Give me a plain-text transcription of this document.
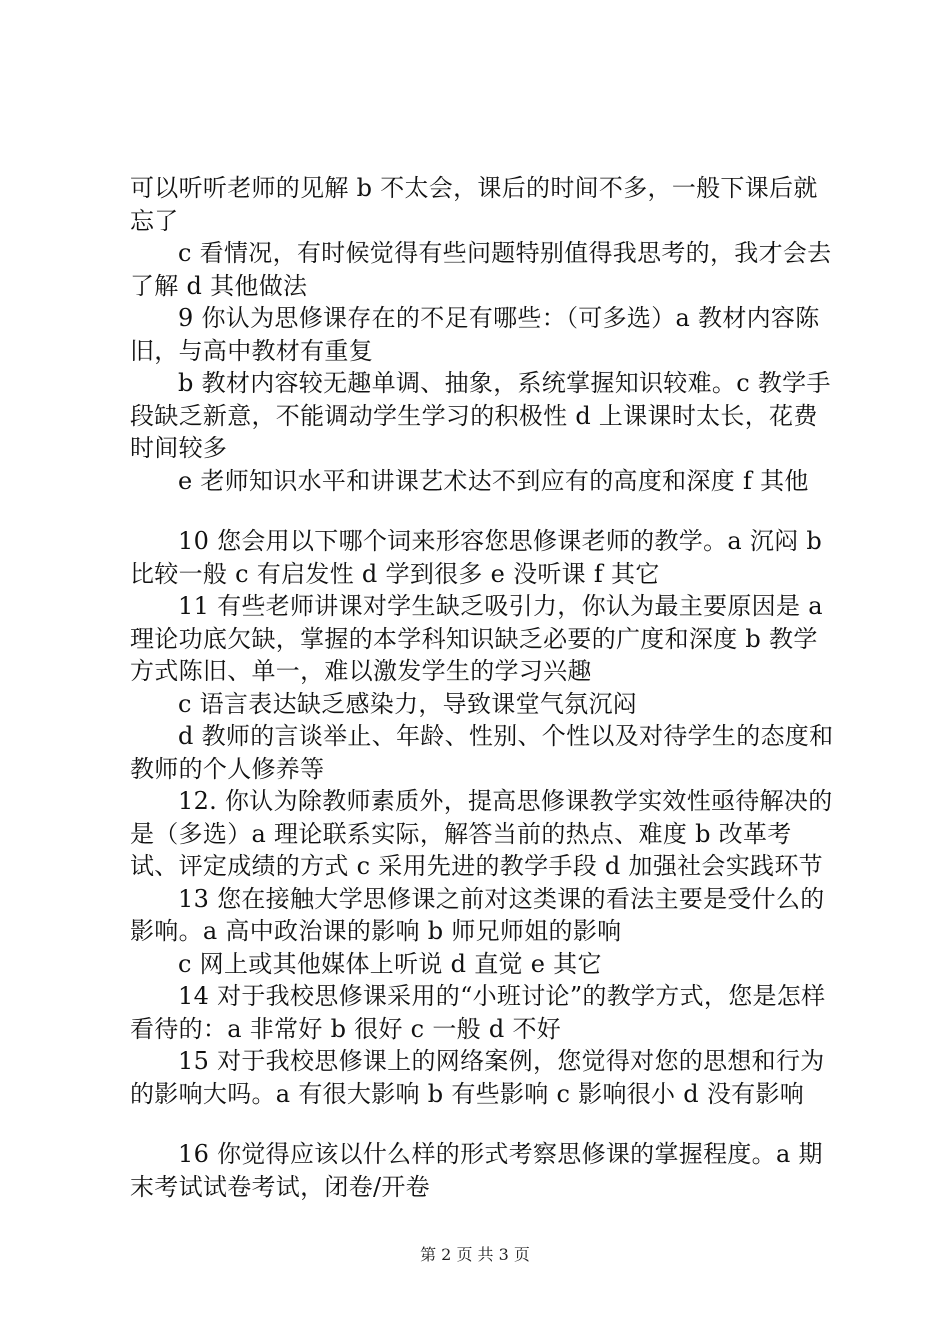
可以听听老师的见解 b 不太会，课后的时间不多，一般下课后就忘了

c 看情况，有时候觉得有些问题特别值得我思考的，我才会去了解 d 其他做法

9 你认为思修课存在的不足有哪些：（可多选）a 教材内容陈旧，与高中教材有重复

b 教材内容较无趣单调、抽象，系统掌握知识较难。c 教学手段缺乏新意，不能调动学生学习的积极性 d 上课课时太长，花费时间较多

e 老师知识水平和讲课艺术达不到应有的高度和深度 f 其他

10 您会用以下哪个词来形容您思修课老师的教学。a 沉闷 b 比较一般 c 有启发性 d 学到很多 e 没听课 f 其它

11 有些老师讲课对学生缺乏吸引力，你认为最主要原因是 a 理论功底欠缺，掌握的本学科知识缺乏必要的广度和深度 b 教学方式陈旧、单一，难以激发学生的学习兴趣

c 语言表达缺乏感染力，导致课堂气氛沉闷

d 教师的言谈举止、年龄、性别、个性以及对待学生的态度和教师的个人修养等

12. 你认为除教师素质外，提高思修课教学实效性亟待解决的是（多选）a 理论联系实际，解答当前的热点、难度 b 改革考试、评定成绩的方式 c 采用先进的教学手段 d 加强社会实践环节

13 您在接触大学思修课之前对这类课的看法主要是受什么的影响。a 高中政治课的影响 b 师兄师姐的影响

c 网上或其他媒体上听说 d 直觉 e 其它

14 对于我校思修课采用的“小班讨论”的教学方式，您是怎样看待的：a 非常好 b 很好 c 一般 d 不好

15 对于我校思修课上的网络案例，您觉得对您的思想和行为的影响大吗。a 有很大影响 b 有些影响 c 影响很小 d 没有影响

16 你觉得应该以什么样的形式考察思修课的掌握程度。a 期末考试试卷考试，闭卷/开卷

第 2 页 共 3 页
